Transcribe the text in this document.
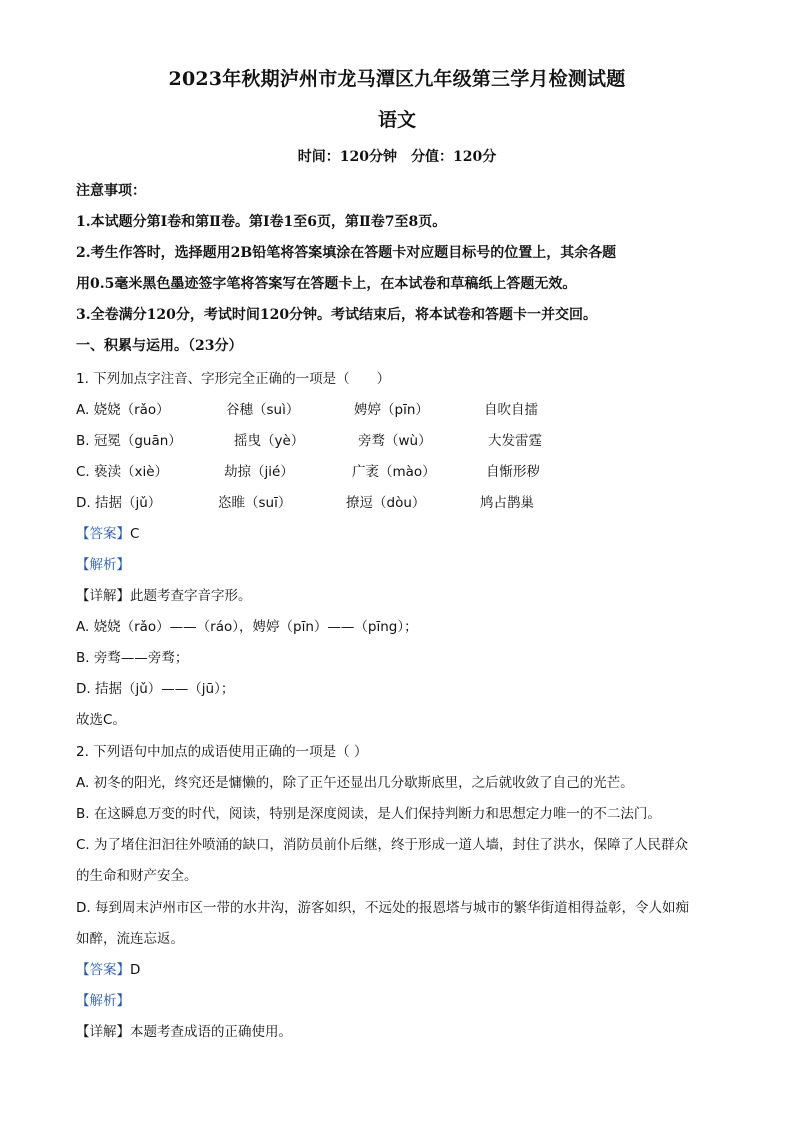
2023年秋期泸州市龙马潭区九年级第三学月检测试题
语文
时间：120分钟　分值：120分
注意事项：
1.本试题分第Ⅰ卷和第Ⅱ卷。第Ⅰ卷1至6页，第Ⅱ卷7至8页。
2.考生作答时，选择题用2B铅笔将答案填涂在答题卡对应题目标号的位置上，其余各题
用0.5毫米黑色墨迹签字笔将答案写在答题卡上，在本试卷和草稿纸上答题无效。
3.全卷满分120分，考试时间120分钟。考试结束后，将本试卷和答题卡一并交回。
一、积累与运用。（23分）
1. 下列加点字注音、字形完全正确的一项是（　　）
A. 娆娆（rǎo）	谷穗（suì）	娉婷（pīn）	自吹自擂
B. 冠冕（guān）	摇曳（yè）	旁骛（wù）	大发雷霆
C. 亵渎（xiè）	劫掠（jié）	广袤（mào）	自惭形秽
D. 拮据（jǔ）	恣睢（suī）	撩逗（dòu）	鸠占鹊巢
【答案】C
【解析】
【详解】此题考查字音字形。
A. 娆娆（rǎo）——（ráo），娉婷（pīn）——（pīng）；
B. 旁骛——旁骛；
D. 拮据（jǔ）——（jū）；
故选C。
2. 下列语句中加点的成语使用正确的一项是（ ）
A. 初冬的阳光，终究还是慵懒的，除了正午还显出几分歇斯底里，之后就收敛了自己的光芒。
B. 在这瞬息万变的时代，阅读，特别是深度阅读，是人们保持判断力和思想定力唯一的不二法门。
C. 为了堵住汩汩往外喷涌的缺口，消防员前仆后继，终于形成一道人墙，封住了洪水，保障了人民群众
的生命和财产安全。
D. 每到周末泸州市区一带的水井沟，游客如织，不远处的报恩塔与城市的繁华街道相得益彰，令人如痴
如醉，流连忘返。
【答案】D
【解析】
【详解】本题考查成语的正确使用。
